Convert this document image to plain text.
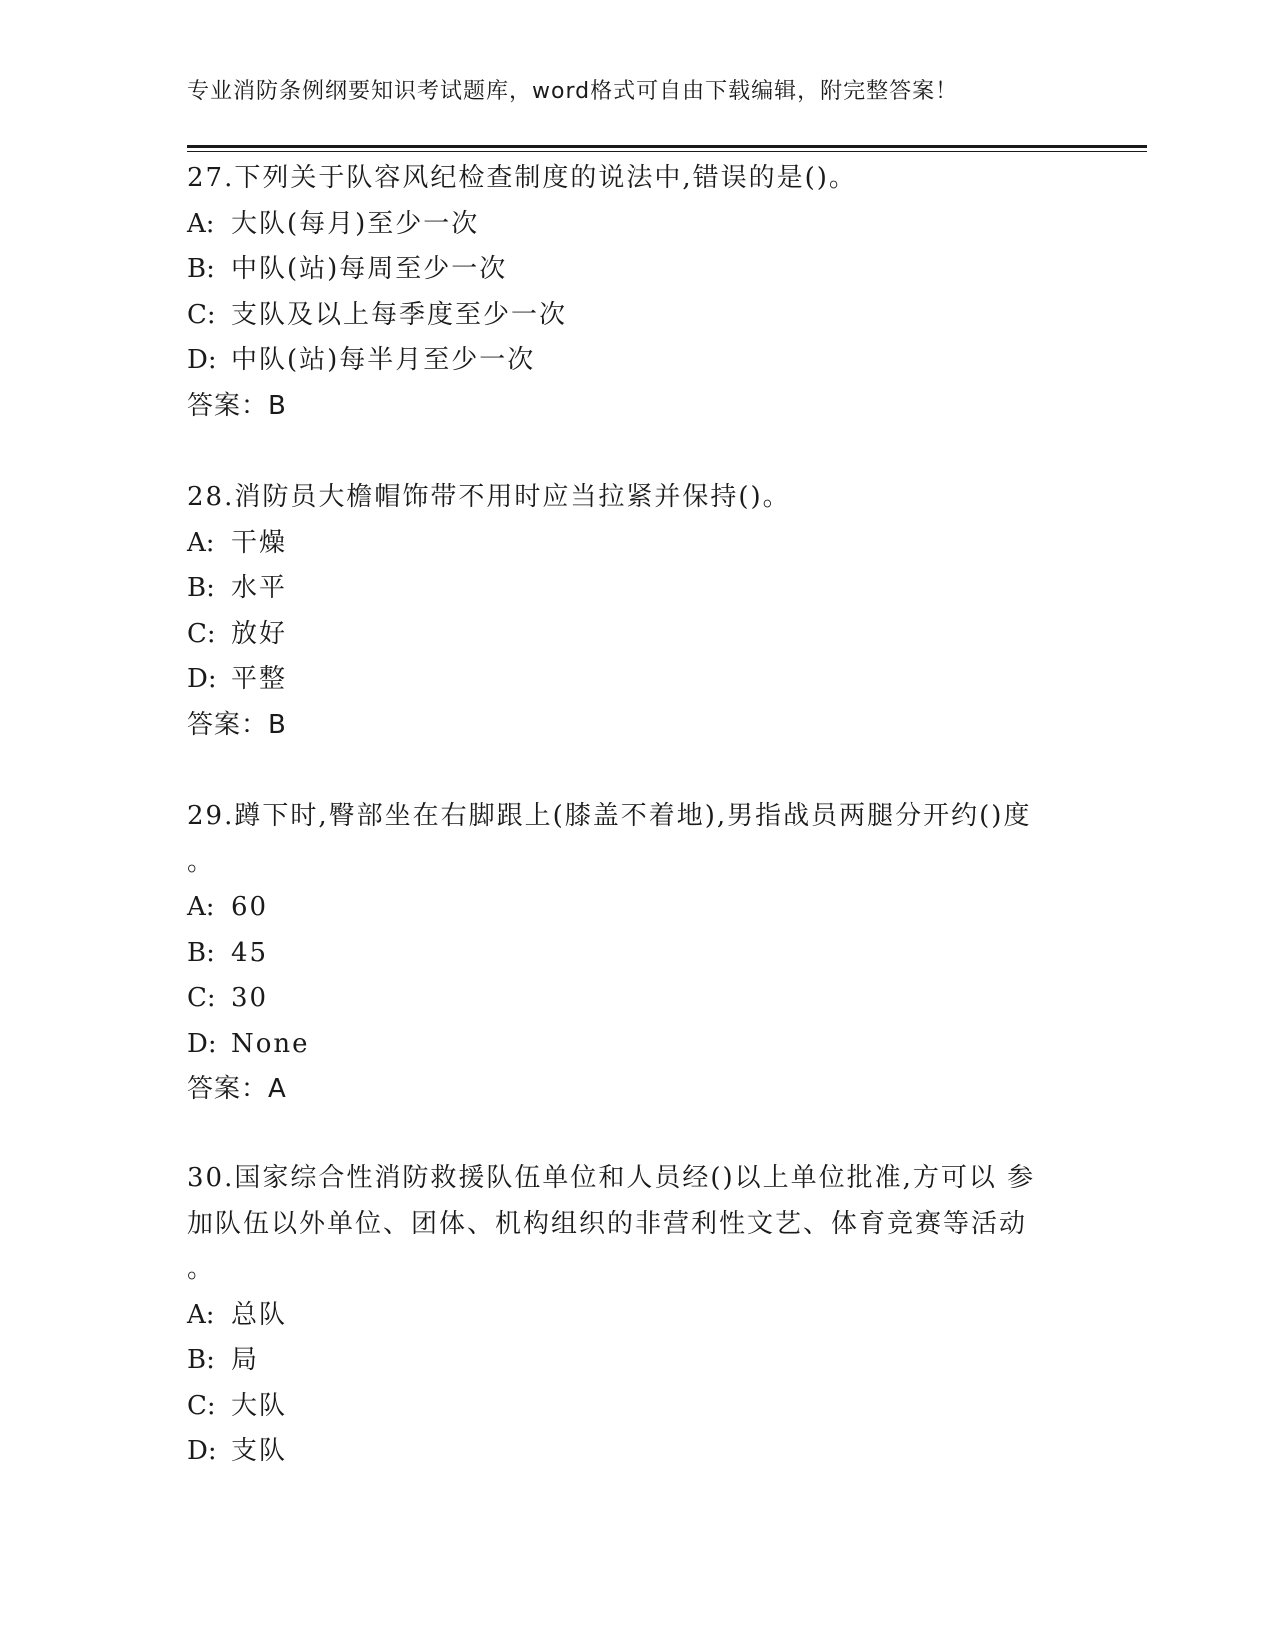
专业消防条例纲要知识考试题库，word格式可自由下载编辑，附完整答案！
27.下列关于队容风纪检查制度的说法中,错误的是()。
A: 大队(每月)至少一次
B: 中队(站)每周至少一次
C: 支队及以上每季度至少一次
D: 中队(站)每半月至少一次
答案：B
28.消防员大檐帽饰带不用时应当拉紧并保持()。
A: 干燥
B: 水平
C: 放好
D: 平整
答案：B
29.蹲下时,臀部坐在右脚跟上(膝盖不着地),男指战员两腿分开约()度
。
A: 60
B: 45
C: 30
D: None
答案：A
30.国家综合性消防救援队伍单位和人员经()以上单位批准,方可以 参
加队伍以外单位、团体、机构组织的非营利性文艺、体育竞赛等活动
。
A: 总队
B: 局
C: 大队
D: 支队
